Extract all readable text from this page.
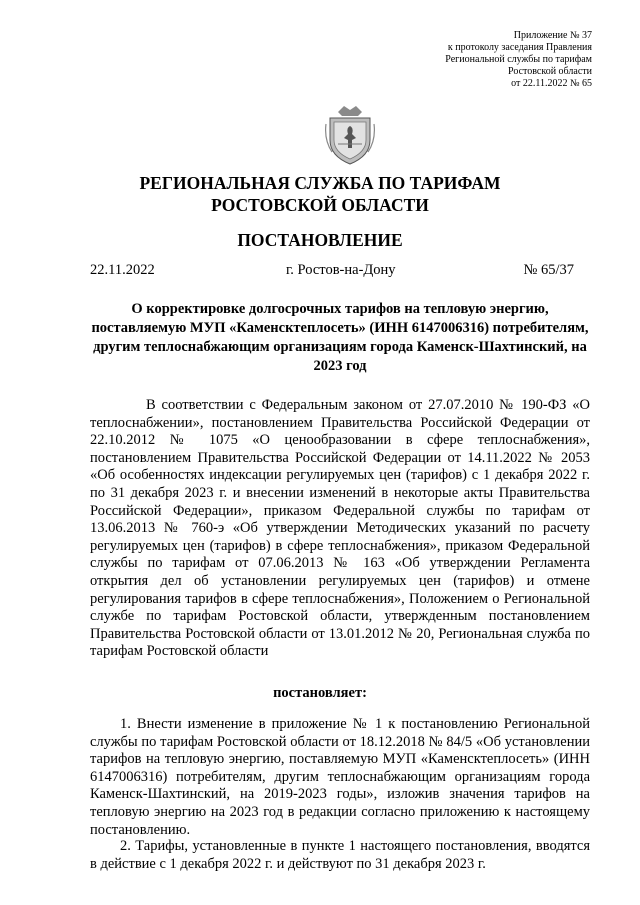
Приложение № 37
к протоколу заседания Правления
Региональной службы по тарифам
Ростовской области
от 22.11.2022 № 65
РЕГИОНАЛЬНАЯ СЛУЖБА ПО ТАРИФАМ
РОСТОВСКОЙ ОБЛАСТИ
ПОСТАНОВЛЕНИЕ
22.11.2022	г. Ростов-на-Дону	№ 65/37
О корректировке долгосрочных тарифов на тепловую энергию, поставляемую МУП «Каменсктеплосеть» (ИНН 6147006316) потребителям, другим теплоснабжающим организациям города Каменск-Шахтинский, на 2023 год
В соответствии с Федеральным законом от 27.07.2010 № 190-ФЗ «О теплоснабжении», постановлением Правительства Российской Федерации от 22.10.2012 № 1075 «О ценообразовании в сфере теплоснабжения», постановлением Правительства Российской Федерации от 14.11.2022 № 2053 «Об особенностях индексации регулируемых цен (тарифов) с 1 декабря 2022 г. по 31 декабря 2023 г. и внесении изменений в некоторые акты Правительства Российской Федерации», приказом Федеральной службы по тарифам от 13.06.2013 № 760-э «Об утверждении Методических указаний по расчету регулируемых цен (тарифов) в сфере теплоснабжения», приказом Федеральной службы по тарифам от 07.06.2013 № 163 «Об утверждении Регламента открытия дел об установлении регулируемых цен (тарифов) и отмене регулирования тарифов в сфере теплоснабжения», Положением о Региональной службе по тарифам Ростовской области, утвержденным постановлением Правительства Ростовской области от 13.01.2012 № 20, Региональная служба по тарифам Ростовской области
постановляет:
1. Внести изменение в приложение № 1 к постановлению Региональной службы по тарифам Ростовской области от 18.12.2018 № 84/5 «Об установлении тарифов на тепловую энергию, поставляемую МУП «Каменсктеплосеть» (ИНН 6147006316) потребителям, другим теплоснабжающим организациям города Каменск-Шахтинский, на 2019-2023 годы», изложив значения тарифов на тепловую энергию на 2023 год в редакции согласно приложению к настоящему постановлению.
2. Тарифы, установленные в пункте 1 настоящего постановления, вводятся в действие с 1 декабря 2022 г. и действуют по 31 декабря 2023 г.
